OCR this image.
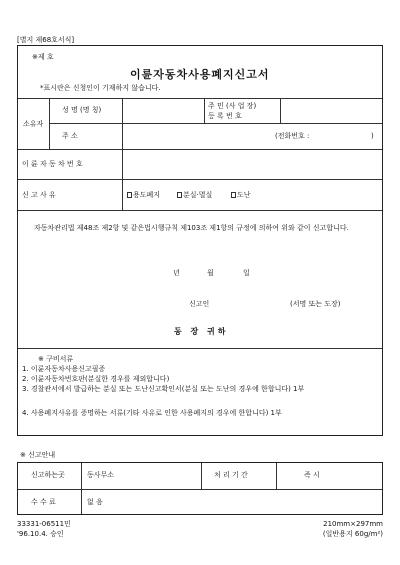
[별지 제68호서식]
※제 호
이륜자동차사용폐지신고서
*표시란은 신청인이 기재하지 않습니다.
소유자
성 명 (명 칭)	주 민 (사 업 장)
등 록 번 호
주 소	(전화번호 :	)
이 륜 자 동 차 번 호
신 고 사 유	용도폐지	분실·멸실	도난
자동차관리법 제48조 제2항 및 같은법시행규칙 제103조 제1항의 규정에 의하여 위와 같이 신고합니다.
년	월	일
신고인	(서명 또는 도장)
동 장 귀하
※ 구비서류
1. 이륜자동차사용신고필증
2. 이륜자동차번호판(분실한 경우를 제외합니다)
3. 경찰관서에서 발급하는 분실 또는 도난신고확인서(분실 또는 도난의 경우에 한합니다) 1부
4. 사용폐지사유를 증명하는 서류(기타 사유로 인한 사용폐지의 경우에 한합니다) 1부
※ 신고안내
신고하는곳	동사무소	처 리 기 간	즉 시
수 수 료	없 음
33331-06511민
'96.10.4. 승인
210mm×297mm
(일반용지 60g/m²)
